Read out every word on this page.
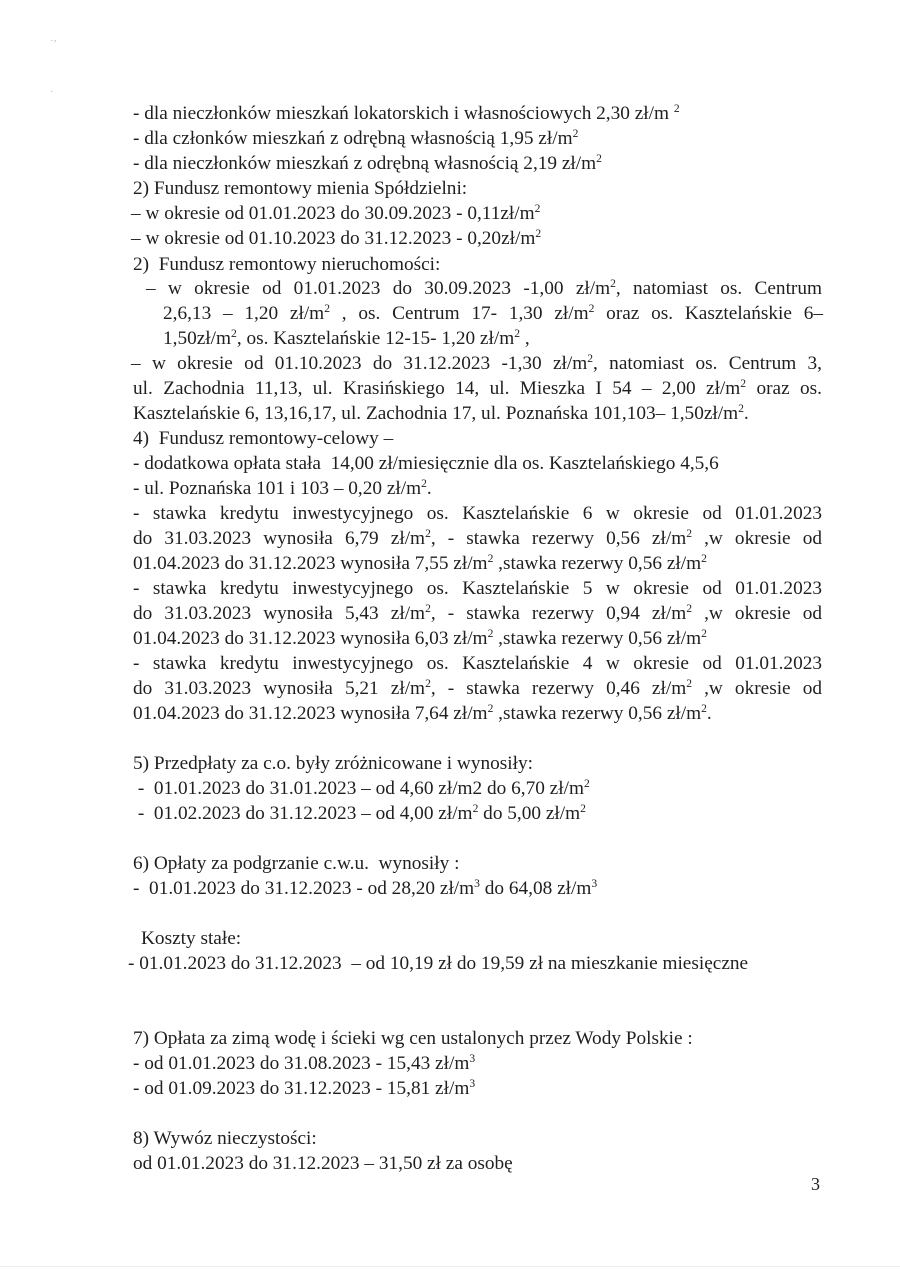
˙’
·
- dla nieczłonków mieszkań lokatorskich i własnościowych 2,30 zł/m $^2$
- dla członków mieszkań z odrębną własnością 1,95 $zł/m^2$
- dla nieczłonków mieszkań z odrębną własnością 2,19 $zł/m^2$
2) Fundusz remontowy mienia Spółdzielni:
– w okresie od 01.01.2023 do $30.09.2023 - 0,11zł/m^2$
– w okresie od 01.10.2023 do $31.12.2023 - 0,20zł/m^2$
2)  Fundusz remontowy nieruchomości:
– w okresie od 01.01.2023 do 30.09.2023 -1,00 $zł/m^2$, natomiast os. Centrum
2,6,13 – 1,20 $zł/m^2$ , os. Centrum 17- 1,30 $zł/m^2$ oraz os. Kasztelańskie 6–
$1,50zł/m^2$, os. Kasztelańskie 12-15- 1,20 $zł/m^2$ ,
– w okresie od 01.10.2023 do 31.12.2023 -1,30 $zł/m^2$, natomiast os. Centrum 3,
ul. Zachodnia 11,13, ul. Krasińskiego 14, ul. Mieszka I 54 – 2,00 $zł/m^2$ oraz os.
Kasztelańskie 6, 13,16,17, ul. Zachodnia 17, ul. Poznańska 101,103– $1,50zł/m^2$.
4)  Fundusz remontowy-celowy –
- dodatkowa opłata stała  14,00 zł/miesięcznie dla os. Kasztelańskiego 4,5,6
- ul. Poznańska 101 i 103 – 0,20 $zł/m^2$.
- stawka kredytu inwestycyjnego os. Kasztelańskie 6 w okresie od 01.01.2023
do 31.03.2023 wynosiła 6,79 $zł/m^2$, - stawka rezerwy 0,56 $zł/m^2$ ,w okresie od
01.04.2023 do 31.12.2023 wynosiła 7,55 $zł/m^2$ ,stawka rezerwy 0,56 $zł/m^2$
- stawka kredytu inwestycyjnego os. Kasztelańskie 5 w okresie od 01.01.2023
do 31.03.2023 wynosiła 5,43 $zł/m^2$, - stawka rezerwy 0,94 $zł/m^2$ ,w okresie od
01.04.2023 do 31.12.2023 wynosiła 6,03 $zł/m^2$ ,stawka rezerwy 0,56 $zł/m^2$
- stawka kredytu inwestycyjnego os. Kasztelańskie 4 w okresie od 01.01.2023
do 31.03.2023 wynosiła 5,21 $zł/m^2$, - stawka rezerwy 0,46 $zł/m^2$ ,w okresie od
01.04.2023 do 31.12.2023 wynosiła 7,64 $zł/m^2$ ,stawka rezerwy 0,56 $zł/m^2$.
5) Przedpłaty za c.o. były zróżnicowane i wynosiły:
-  01.01.2023 do 31.01.2023 – od 4,60 zł/m2 do 6,70 $zł/m^2$
-  01.02.2023 do 31.12.2023 – od 4,00 $zł/m^2$ do 5,00 $zł/m^2$
6) Opłaty za podgrzanie c.w.u.  wynosiły :
-  01.01.2023 do 31.12.2023 - od 28,20 $zł/m^3$ do 64,08 $zł/m^3$
Koszty stałe:
- 01.01.2023 do 31.12.2023  – od 10,19 zł do 19,59 zł na mieszkanie miesięczne
7) Opłata za zimą wodę i ścieki wg cen ustalonych przez Wody Polskie :
- od 01.01.2023 do 31.08.2023 - 15,43 $zł/m^3$
- od 01.09.2023 do 31.12.2023 - 15,81 $zł/m^3$
8) Wywóz nieczystości:
od 01.01.2023 do 31.12.2023 – 31,50 zł za osobę
3
